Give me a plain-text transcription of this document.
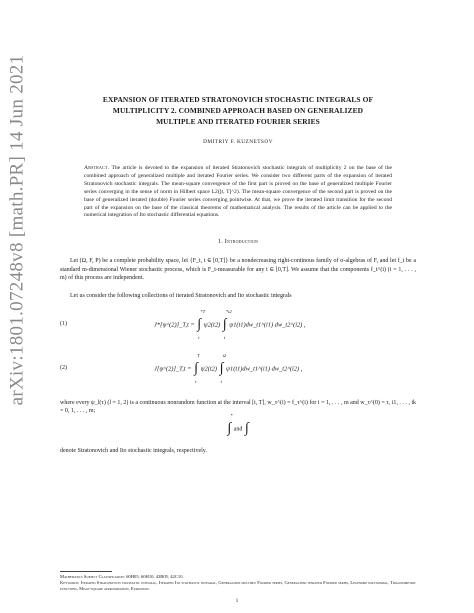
arXiv:1801.07248v8 [math.PR] 14 Jun 2021	EXPANSION OF ITERATED STRATONOVICH STOCHASTIC INTEGRALS OF
MULTIPLICITY 2. COMBINED APPROACH BASED ON GENERALIZED
MULTIPLE AND ITERATED FOURIER SERIES
DMITRIY F. KUZNETSOV
Abstract. The article is devoted to the expansion of iterated Stratonovich stochastic integrals of multiplicity 2 on the base of the combined approach of generalized multiple and iterated Fourier series. We consider two different parts of the expansion of iterated Stratonovich stochastic integrals. The mean-square convergence of the first part is proved on the base of generalized multiple Fourier series converging in the sense of norm in Hilbert space L2([t, T]^2). The mean-square convergence of the second part is proved on the base of generalized iterated (double) Fourier series converging pointwise. At that, we prove the iterated limit transition for the second part of the expansion on the base of the classical theorems of mathematical analysis. The results of the article can be applied to the numerical integration of Ito stochastic differential equations.
1. Introduction

Let (Ω, F, P) be a complete probability space, let {F_t, t ∈ [0,T]} be a nondecreasing right-continous family of σ-algebras of F, and let f_t be a standard m-dimensional Wiener stochastic process, which is F_t-measurable for any t ∈ [0,T]. We assume that the components f_t^(i) (i = 1, . . . , m) of this process are independent.

Let us consider the following collections of iterated Stratonovich and Ito stochastic integrals

(1)	J*[ψ^(2)]_T,t = ∫
*T
t
ψ2(t2) ∫
*t2
t
ψ1(t1)dw_t1^(i1) dw_t2^(i2) ,
(2)	J[ψ^(2)]_T,t = ∫
T
t
ψ2(t2) ∫
t2
t
ψ1(t1)dw_t1^(i1) dw_t2^(i2) ,

where every ψ_l(τ) (l = 1, 2) is a continuous nonrandom function at the interval [t, T], w_τ^(i) = f_τ^(i) for i = 1, . . . , m and w_τ^(0) = τ, i1, . . . , ik = 0, 1, . . . , m;

∫
*
and ∫

denote Stratonovich and Ito stochastic integrals, respectively.

Mathematics Subject Classification: 60H05, 60H10, 42B05, 42C10.
Keywords: Iterated Stratonovich stochastic integral, Iterated Ito stochastic integral, Generalized multiple Fourier series, Generalized iterated Fourier series, Legendre polynomial, Trigonometric functions, Mean-square approximation, Expansion.
1
